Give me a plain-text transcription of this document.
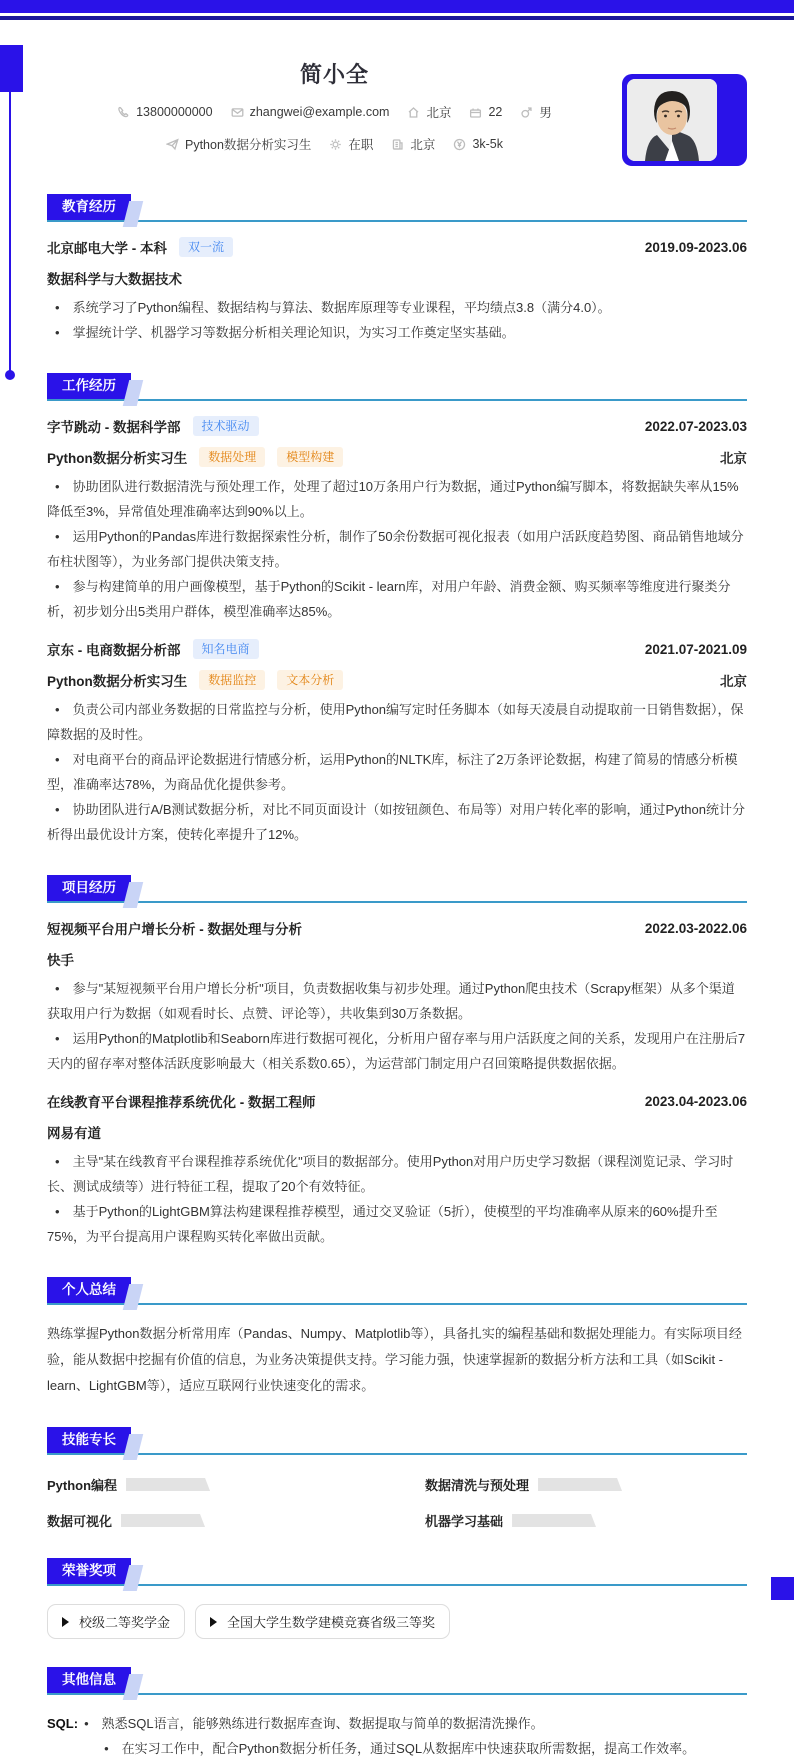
简小全
13800000000	zhangwei@example.com	北京	22	男
Python数据分析实习生	在职	北京	3k-5k
教育经历
北京邮电大学 - 本科	双一流	2019.09-2023.06
数据科学与大数据技术

• 系统学习了Python编程、数据结构与算法、数据库原理等专业课程，平均绩点3.8（满分4.0）。

• 掌握统计学、机器学习等数据分析相关理论知识，为实习工作奠定坚实基础。

工作经历
字节跳动 - 数据科学部	技术驱动	2022.07-2023.03
Python数据分析实习生	数据处理	模型构建	北京

• 协助团队进行数据清洗与预处理工作，处理了超过10万条用户行为数据，通过Python编写脚本，将数据缺失率从15%降低至3%，异常值处理准确率达到90%以上。

• 运用Python的Pandas库进行数据探索性分析，制作了50余份数据可视化报表（如用户活跃度趋势图、商品销售地域分布柱状图等），为业务部门提供决策支持。

• 参与构建简单的用户画像模型，基于Python的Scikit - learn库，对用户年龄、消费金额、购买频率等维度进行聚类分析，初步划分出5类用户群体，模型准确率达85%。

京东 - 电商数据分析部	知名电商	2021.07-2021.09
Python数据分析实习生	数据监控	文本分析	北京

• 负责公司内部业务数据的日常监控与分析，使用Python编写定时任务脚本（如每天凌晨自动提取前一日销售数据），保障数据的及时性。

• 对电商平台的商品评论数据进行情感分析，运用Python的NLTK库，标注了2万条评论数据，构建了简易的情感分析模型，准确率达78%，为商品优化提供参考。

• 协助团队进行A/B测试数据分析，对比不同页面设计（如按钮颜色、布局等）对用户转化率的影响，通过Python统计分析得出最优设计方案，使转化率提升了12%。

项目经历
短视频平台用户增长分析 - 数据处理与分析	2022.03-2022.06
快手

• 参与"某短视频平台用户增长分析"项目，负责数据收集与初步处理。通过Python爬虫技术（Scrapy框架）从多个渠道获取用户行为数据（如观看时长、点赞、评论等），共收集到30万条数据。

• 运用Python的Matplotlib和Seaborn库进行数据可视化，分析用户留存率与用户活跃度之间的关系，发现用户在注册后7天内的留存率对整体活跃度影响最大（相关系数0.65），为运营部门制定用户召回策略提供数据依据。

在线教育平台课程推荐系统优化 - 数据工程师	2023.04-2023.06
网易有道

• 主导"某在线教育平台课程推荐系统优化"项目的数据部分。使用Python对用户历史学习数据（课程浏览记录、学习时长、测试成绩等）进行特征工程，提取了20个有效特征。

• 基于Python的LightGBM算法构建课程推荐模型，通过交叉验证（5折），使模型的平均准确率从原来的60%提升至75%，为平台提高用户课程购买转化率做出贡献。

个人总结

熟练掌握Python数据分析常用库（Pandas、Numpy、Matplotlib等），具备扎实的编程基础和数据处理能力。有实际项目经验，能从数据中挖掘有价值的信息，为业务决策提供支持。学习能力强，快速掌握新的数据分析方法和工具（如Scikit - learn、LightGBM等），适应互联网行业快速变化的需求。

技能专长
Python编程	数据清洗与预处理
数据可视化	机器学习基础
荣誉奖项
校级二等奖学金	全国大学生数学建模竞赛省级三等奖
其他信息
SQL:	• 熟悉SQL语言，能够熟练进行数据库查询、数据提取与简单的数据清洗操作。

• 在实习工作中，配合Python数据分析任务，通过SQL从数据库中快速获取所需数据，提高工作效率。
